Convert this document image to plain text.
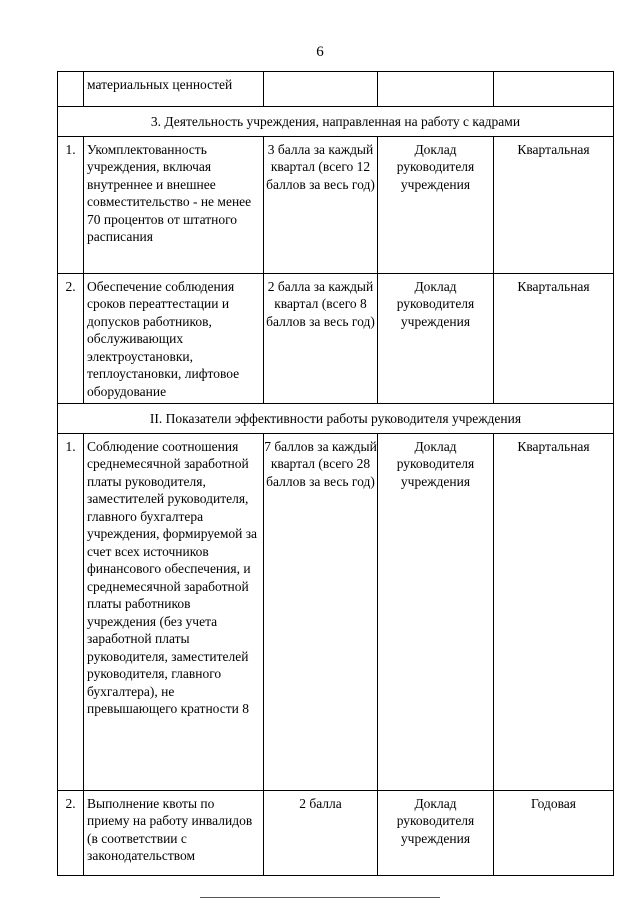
6
	материальных ценностей			
3. Деятельность учреждения, направленная на работу с кадрами				
1.	Укомплектованность учреждения, включая внутреннее и внешнее совместительство - не менее 70 процентов от штатного расписания	3 балла за каждый квартал (всего 12 баллов за весь год)	Доклад руководителя учреждения	Квартальная
2.	Обеспечение соблюдения сроков переаттестации и допусков работников, обслуживающих электроустановки, теплоустановки, лифтовое оборудование	2 балла за каждый квартал (всего 8 баллов за весь год)	Доклад руководителя учреждения	Квартальная
II. Показатели эффективности работы руководителя учреждения				
1.	Соблюдение соотношения среднемесячной заработной платы руководителя, заместителей руководителя, главного бухгалтера учреждения, формируемой за счет всех источников финансового обеспечения, и среднемесячной заработной платы работников учреждения (без учета заработной платы руководителя, заместителей руководителя, главного бухгалтера), не превышающего кратности 8	7 баллов за каждый квартал (всего 28 баллов за весь год)	Доклад руководителя учреждения	Квартальная
2.	Выполнение квоты по приему на работу инвалидов (в соответствии с законодательством	2 балла	Доклад руководителя учреждения	Годовая
